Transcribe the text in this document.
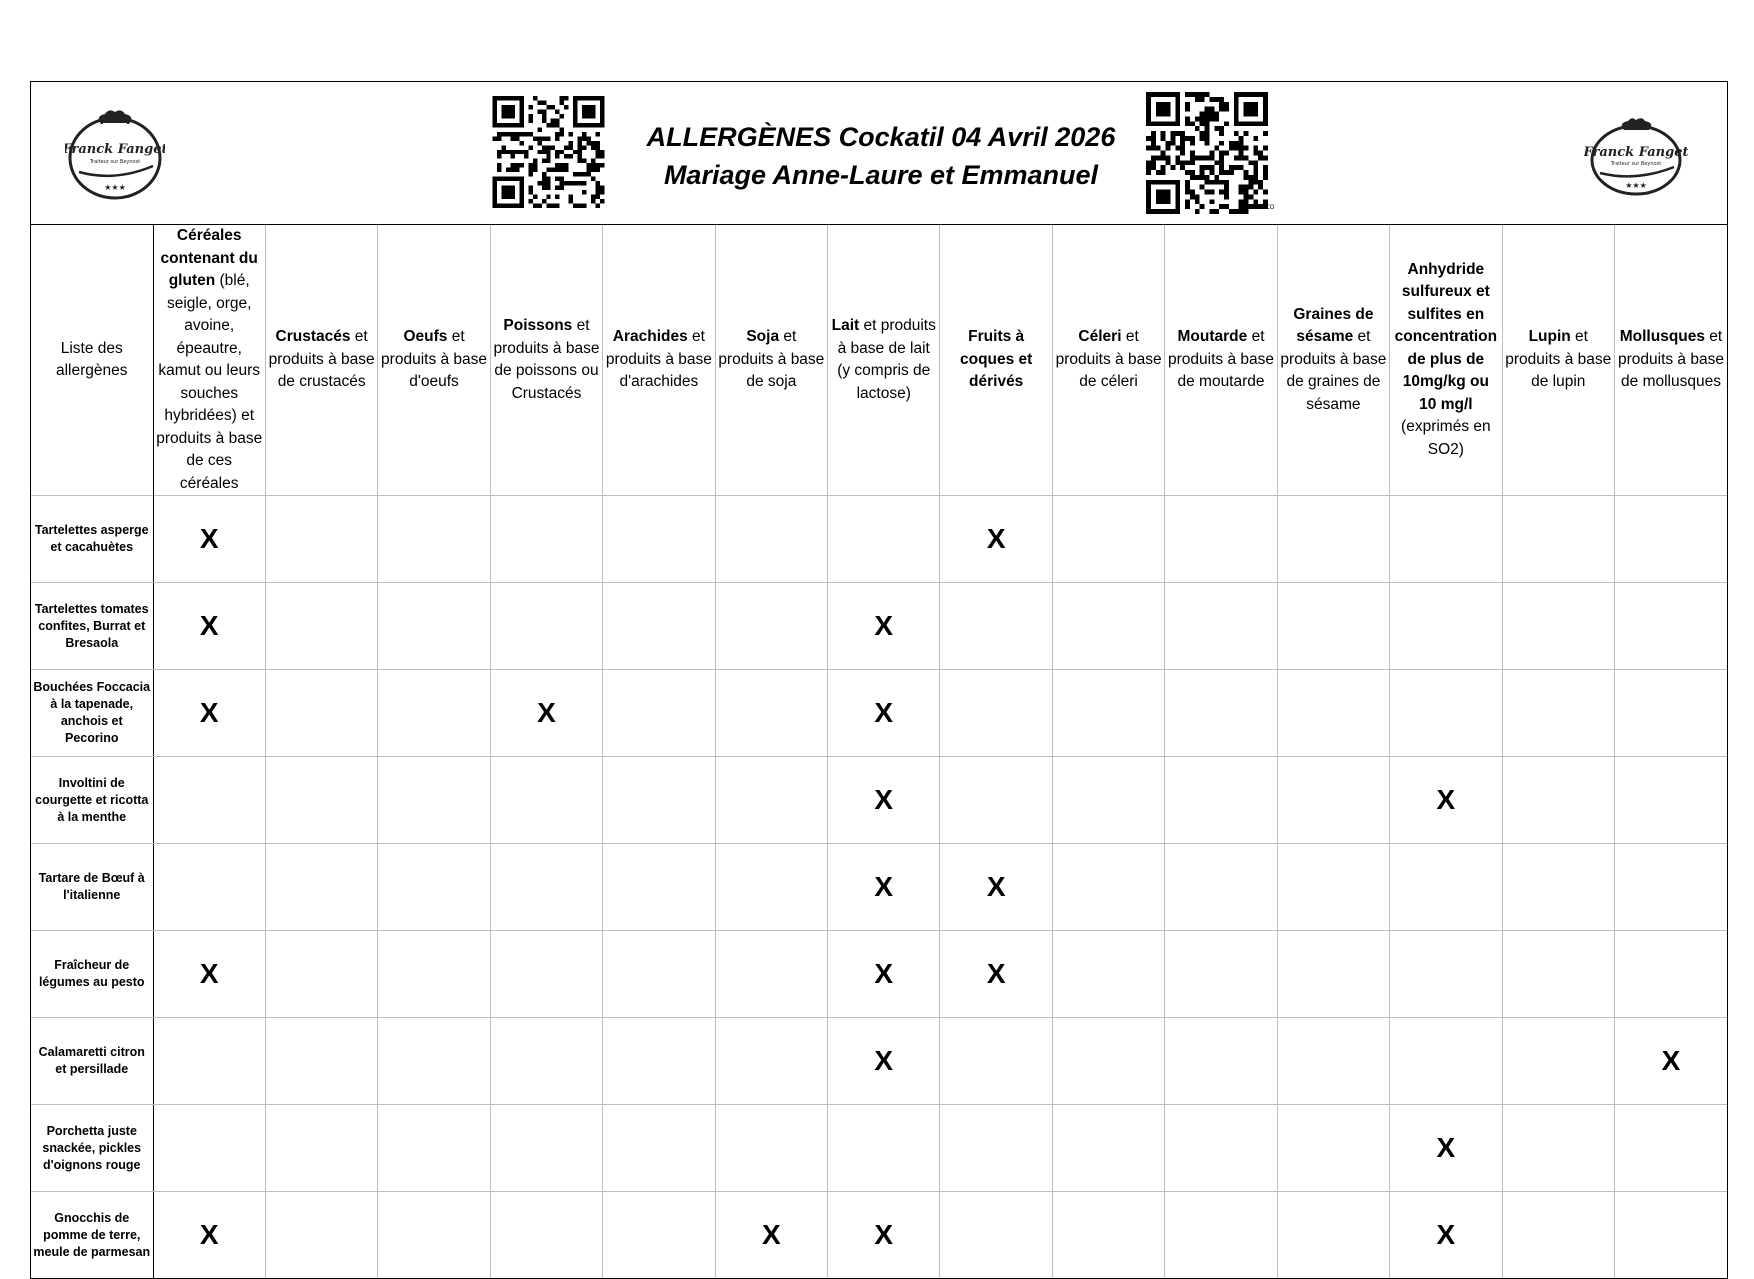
Franck Fanget
Traiteur sur Beynost
★★★
ALLERGÈNES Cockatil 04 Avril 2026
Mariage Anne-Laure et Emmanuel
ET TORCO
Franck Fanget
Traiteur sur Beynost
★★★
Liste des allergènes	Céréales contenant du gluten (blé, seigle, orge, avoine, épeautre, kamut ou leurs souches hybridées) et produits à base de ces céréales	Crustacés et produits à base de crustacés	Oeufs et produits à base d'oeufs	Poissons et produits à base de poissons ou Crustacés	Arachides et produits à base d'arachides	Soja et produits à base de soja	Lait et produits à base de lait (y compris de lactose)	Fruits à coques et dérivés	Céleri et produits à base de céleri	Moutarde et produits à base de moutarde	Graines de sésame et produits à base de graines de sésame	Anhydride sulfureux et sulfites en concentration de plus de 10mg/kg ou 10 mg/l (exprimés en SO2)	Lupin et produits à base de lupin	Mollusques et produits à base de mollusques
Tartelettes asperge et cacahuètes	X							X						
Tartelettes tomates confites, Burrat et Bresaola	X						X							
Bouchées Foccacia à la tapenade, anchois et Pecorino	X			X			X							
Involtini de courgette et ricotta à la menthe							X					X		
Tartare de Bœuf à l'italienne							X	X						
Fraîcheur de légumes au pesto	X						X	X						
Calamaretti citron et persillade							X							X
Porchetta juste snackée, pickles d'oignons rouge												X		
Gnocchis de pomme de terre, meule de parmesan	X					X	X					X		
